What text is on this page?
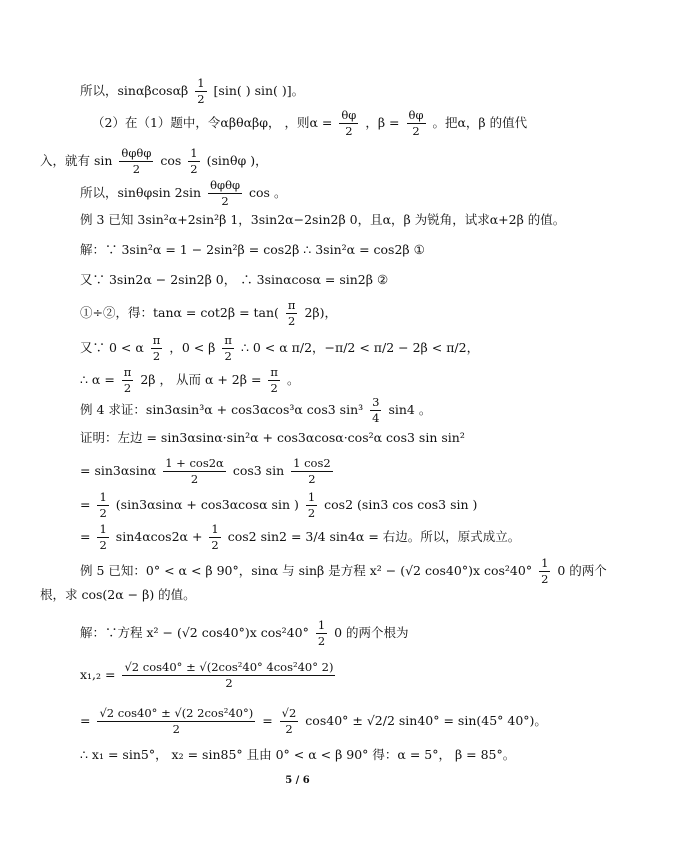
所以，sinαβcosαβ $\frac{1}{2} [\sin$( ) sin( )]。
（2）在（1）题中，令αβθαβφ， ，则$\alpha = \frac{\theta\varphi}{2}$ ，$\beta = \frac{\theta\varphi}{2}$ 。把α，β 的值代
入，就有 $\sin \frac{\text{θφθφ}}{2}$ $\cos \frac{1}{2} (\sin\theta\varphi$ )，
所以，sinθφsin $2\sin \frac{\text{θφθφ}}{2}$ cos 。
例 3 已知 3sin²α+2sin²β 1，3sin2α−2sin2β 0，且α，β 为锐角，试求α+2β 的值。
解：∵ 3sin²α = 1 − 2sin²β = cos2β ∴ 3sin²α = cos2β ①
又∵ 3sin2α − 2sin2β 0， ∴ 3sinαcosα = sin2β ②
①÷②，得：$\tan\alpha = \cot 2\beta = \tan( \frac{\pi}{2} 2\beta)$，
又∵ 0 < α $\frac{\pi}{2}$ ，0 < β $\frac{\pi}{2}$ ∴ 0 < α π/2，−π/2 < π/2 − 2β < π/2，
∴ $\alpha = \frac{\pi}{2} 2\beta$ ， 从而 $\alpha + 2\beta = \frac{\pi}{2}$ 。
例 4 求证：sin3αsin³α + cos3αcos³α cos3 $\sin^3 \frac{3}{4} \sin 4$ 。
证明：左边 = sin3αsinα·sin²α + cos3αcosα·cos²α cos3 sin sin²
= $\sin 3\alpha\sin\alpha \frac{1 + \cos 2\alpha}{2} \cos 3$ $\sin \frac{1 \cos 2}{2}$
= $\frac{1}{2} (\sin 3\alpha\sin\alpha + \cos 3\alpha\cos\alpha$ sin ) $\frac{1}{2} \cos 2$ (sin3 cos cos3 sin )
= $\frac{1}{2} \sin 4\alpha\cos 2\alpha + \frac{1}{2} \cos 2$ sin2 = 3/4 sin4α = 右边。所以，原式成立。
例 5 已知：0° < α < β 90°，sinα 与 sinβ 是方程 x² − (√2 cos40°)x $\cos^240^\circ \frac{1}{2} 0$ 的两个
根，求 cos(2α − β) 的值。
解：∵方程 x² − (√2 cos40°)x $\cos^240^\circ \frac{1}{2} 0$ 的两个根为
$x_1,_2 = \frac{\text{√2 cos40° ± √(2cos²40° 4cos²40° 2)}}{2}$
= $\frac{\text{√2 cos40° ± √(2 2cos²40°)}}{2} = \frac{√2}{2} \cos 40^\circ \pm √2/2$ sin40° = sin(45° 40°)。
∴ x₁ = sin5°， x₂ = sin85° 且由 0° < α < β 90° 得：α = 5°， β = 85°。
5 / 6
